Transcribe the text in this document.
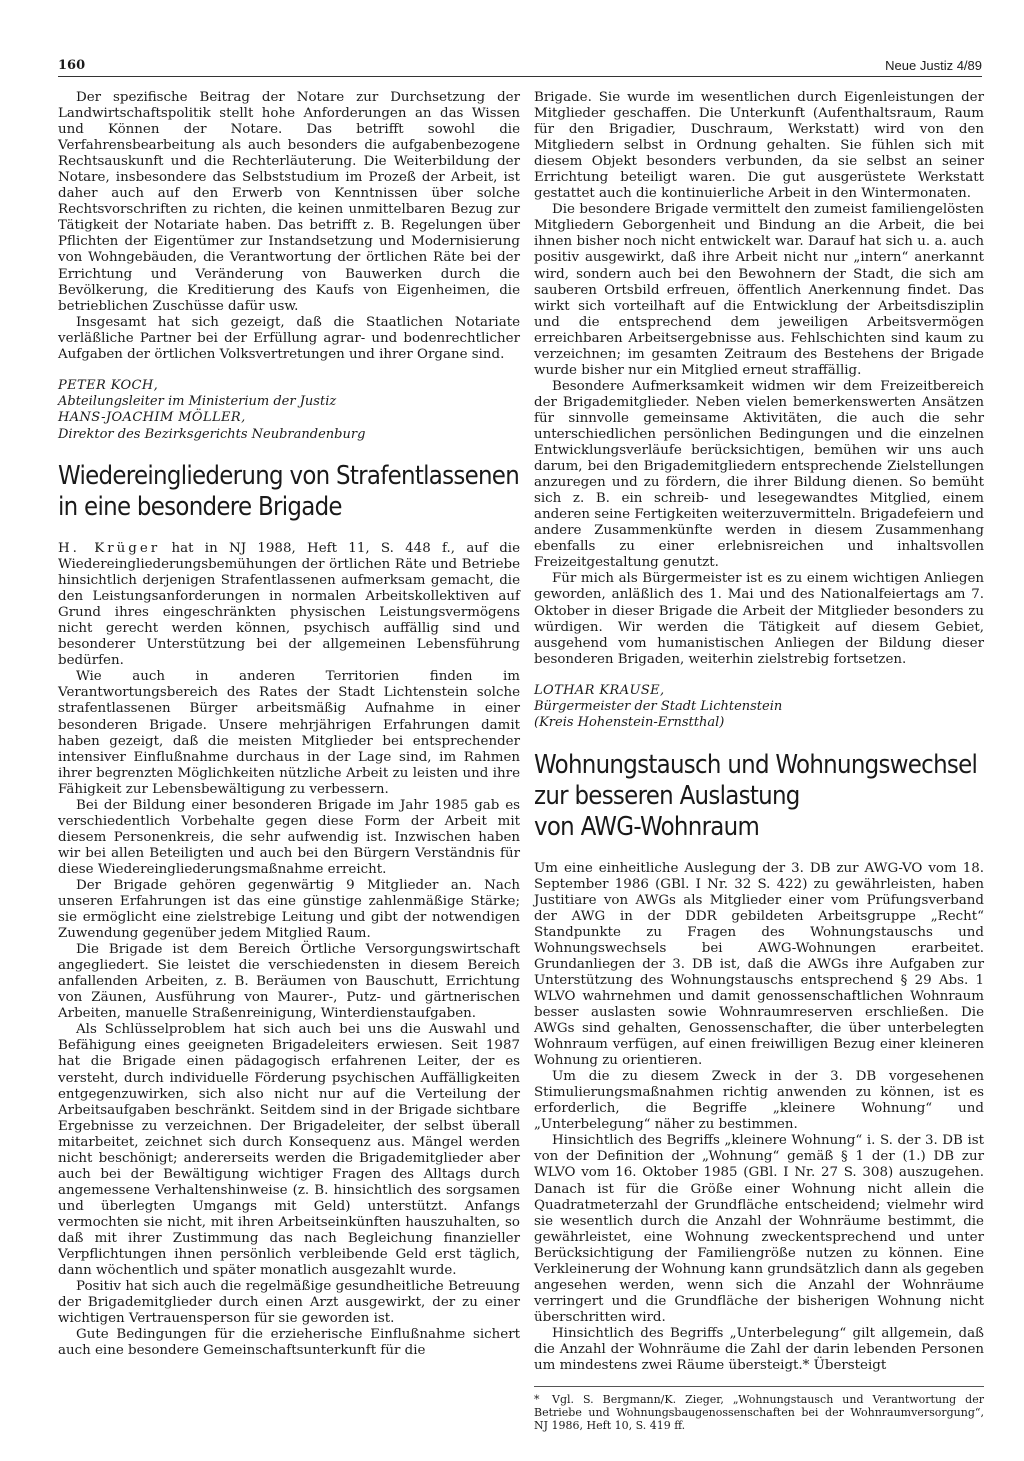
160	Neue Justiz 4/89

Der spezifische Beitrag der Notare zur Durchsetzung der Landwirtschaftspolitik stellt hohe Anforderungen an das Wissen und Können der Notare. Das betrifft sowohl die Verfahrensbearbeitung als auch besonders die aufgabenbezogene Rechtsauskunft und die Rechterläuterung. Die Weiterbildung der Notare, insbesondere das Selbststudium im Prozeß der Arbeit, ist daher auch auf den Erwerb von Kenntnissen über solche Rechtsvorschriften zu richten, die keinen unmittelbaren Bezug zur Tätigkeit der Notariate haben. Das betrifft z. B. Regelungen über Pflichten der Eigentümer zur Instandsetzung und Modernisierung von Wohngebäuden, die Verantwortung der örtlichen Räte bei der Errichtung und Veränderung von Bauwerken durch die Bevölkerung, die Kreditierung des Kaufs von Eigenheimen, die betrieblichen Zuschüsse dafür usw.

Insgesamt hat sich gezeigt, daß die Staatlichen Notariate verläßliche Partner bei der Erfüllung agrar- und bodenrechtlicher Aufgaben der örtlichen Volksvertretungen und ihrer Organe sind.

PETER KOCH,
Abteilungsleiter im Ministerium der Justiz
HANS-JOACHIM MÖLLER,
Direktor des Bezirksgerichts Neubrandenburg
Wiedereingliederung von Strafentlassenen
in eine besondere Brigade

H. Krüger hat in NJ 1988, Heft 11, S. 448 f., auf die Wiedereingliederungsbemühungen der örtlichen Räte und Betriebe hinsichtlich derjenigen Strafentlassenen aufmerksam gemacht, die den Leistungsanforderungen in normalen Arbeitskollektiven auf Grund ihres eingeschränkten physischen Leistungsvermögens nicht gerecht werden können, psychisch auffällig sind und besonderer Unterstützung bei der allgemeinen Lebensführung bedürfen.

Wie auch in anderen Territorien finden im Verantwortungsbereich des Rates der Stadt Lichtenstein solche strafentlassenen Bürger arbeitsmäßig Aufnahme in einer besonderen Brigade. Unsere mehrjährigen Erfahrungen damit haben gezeigt, daß die meisten Mitglieder bei entsprechender intensiver Einflußnahme durchaus in der Lage sind, im Rahmen ihrer begrenzten Möglichkeiten nützliche Arbeit zu leisten und ihre Fähigkeit zur Lebensbewältigung zu verbessern.

Bei der Bildung einer besonderen Brigade im Jahr 1985 gab es verschiedentlich Vorbehalte gegen diese Form der Arbeit mit diesem Personenkreis, die sehr aufwendig ist. Inzwischen haben wir bei allen Beteiligten und auch bei den Bürgern Verständnis für diese Wiedereingliederungsmaßnahme erreicht.

Der Brigade gehören gegenwärtig 9 Mitglieder an. Nach unseren Erfahrungen ist das eine günstige zahlenmäßige Stärke; sie ermöglicht eine zielstrebige Leitung und gibt der notwendigen Zuwendung gegenüber jedem Mitglied Raum.

Die Brigade ist dem Bereich Örtliche Versorgungswirtschaft angegliedert. Sie leistet die verschiedensten in diesem Bereich anfallenden Arbeiten, z. B. Beräumen von Bauschutt, Errichtung von Zäunen, Ausführung von Maurer-, Putz- und gärtnerischen Arbeiten, manuelle Straßenreinigung, Winterdienstaufgaben.

Als Schlüsselproblem hat sich auch bei uns die Auswahl und Befähigung eines geeigneten Brigadeleiters erwiesen. Seit 1987 hat die Brigade einen pädagogisch erfahrenen Leiter, der es versteht, durch individuelle Förderung psychischen Auffälligkeiten entgegenzuwirken, sich also nicht nur auf die Verteilung der Arbeitsaufgaben beschränkt. Seitdem sind in der Brigade sichtbare Ergebnisse zu verzeichnen. Der Brigadeleiter, der selbst überall mitarbeitet, zeichnet sich durch Konsequenz aus. Mängel werden nicht beschönigt; andererseits werden die Brigademitglieder aber auch bei der Bewältigung wichtiger Fragen des Alltags durch angemessene Verhaltenshinweise (z. B. hinsichtlich des sorgsamen und überlegten Umgangs mit Geld) unterstützt. Anfangs vermochten sie nicht, mit ihren Arbeitseinkünften hauszuhalten, so daß mit ihrer Zustimmung das nach Begleichung finanzieller Verpflichtungen ihnen persönlich verbleibende Geld erst täglich, dann wöchentlich und später monatlich ausgezahlt wurde.

Positiv hat sich auch die regelmäßige gesundheitliche Betreuung der Brigademitglieder durch einen Arzt ausgewirkt, der zu einer wichtigen Vertrauensperson für sie geworden ist.

Gute Bedingungen für die erzieherische Einflußnahme sichert auch eine besondere Gemeinschaftsunterkunft für die

Brigade. Sie wurde im wesentlichen durch Eigenleistungen der Mitglieder geschaffen. Die Unterkunft (Aufenthaltsraum, Raum für den Brigadier, Duschraum, Werkstatt) wird von den Mitgliedern selbst in Ordnung gehalten. Sie fühlen sich mit diesem Objekt besonders verbunden, da sie selbst an seiner Errichtung beteiligt waren. Die gut ausgerüstete Werkstatt gestattet auch die kontinuierliche Arbeit in den Wintermonaten.

Die besondere Brigade vermittelt den zumeist familiengelösten Mitgliedern Geborgenheit und Bindung an die Arbeit, die bei ihnen bisher noch nicht entwickelt war. Darauf hat sich u. a. auch positiv ausgewirkt, daß ihre Arbeit nicht nur „intern“ anerkannt wird, sondern auch bei den Bewohnern der Stadt, die sich am sauberen Ortsbild erfreuen, öffentlich Anerkennung findet. Das wirkt sich vorteilhaft auf die Entwicklung der Arbeitsdisziplin und die entsprechend dem jeweiligen Arbeitsvermögen erreichbaren Arbeitsergebnisse aus. Fehlschichten sind kaum zu verzeichnen; im gesamten Zeitraum des Bestehens der Brigade wurde bisher nur ein Mitglied erneut straffällig.

Besondere Aufmerksamkeit widmen wir dem Freizeitbereich der Brigademitglieder. Neben vielen bemerkenswerten Ansätzen für sinnvolle gemeinsame Aktivitäten, die auch die sehr unterschiedlichen persönlichen Bedingungen und die einzelnen Entwicklungsverläufe berücksichtigen, bemühen wir uns auch darum, bei den Brigademitgliedern entsprechende Zielstellungen anzuregen und zu fördern, die ihrer Bildung dienen. So bemüht sich z. B. ein schreib- und lesegewandtes Mitglied, einem anderen seine Fertigkeiten weiterzuvermitteln. Brigadefeiern und andere Zusammenkünfte werden in diesem Zusammenhang ebenfalls zu einer erlebnisreichen und inhaltsvollen Freizeitgestaltung genutzt.

Für mich als Bürgermeister ist es zu einem wichtigen Anliegen geworden, anläßlich des 1. Mai und des Nationalfeiertags am 7. Oktober in dieser Brigade die Arbeit der Mitglieder besonders zu würdigen. Wir werden die Tätigkeit auf diesem Gebiet, ausgehend vom humanistischen Anliegen der Bildung dieser besonderen Brigaden, weiterhin zielstrebig fortsetzen.

LOTHAR KRAUSE,
Bürgermeister der Stadt Lichtenstein
(Kreis Hohenstein-Ernstthal)
Wohnungstausch und Wohnungswechsel
zur besseren Auslastung
von AWG-Wohnraum

Um eine einheitliche Auslegung der 3. DB zur AWG-VO vom 18. September 1986 (GBl. I Nr. 32 S. 422) zu gewährleisten, haben Justitiare von AWGs als Mitglieder einer vom Prüfungsverband der AWG in der DDR gebildeten Arbeitsgruppe „Recht“ Standpunkte zu Fragen des Wohnungstauschs und Wohnungswechsels bei AWG-Wohnungen erarbeitet. Grundanliegen der 3. DB ist, daß die AWGs ihre Aufgaben zur Unterstützung des Wohnungstauschs entsprechend § 29 Abs. 1 WLVO wahrnehmen und damit genossenschaftlichen Wohnraum besser auslasten sowie Wohnraumreserven erschließen. Die AWGs sind gehalten, Genossenschafter, die über unterbelegten Wohnraum verfügen, auf einen freiwilligen Bezug einer kleineren Wohnung zu orientieren.

Um die zu diesem Zweck in der 3. DB vorgesehenen Stimulierungsmaßnahmen richtig anwenden zu können, ist es erforderlich, die Begriffe „kleinere Wohnung“ und „Unterbelegung“ näher zu bestimmen.

Hinsichtlich des Begriffs „kleinere Wohnung“ i. S. der 3. DB ist von der Definition der „Wohnung“ gemäß § 1 der (1.) DB zur WLVO vom 16. Oktober 1985 (GBl. I Nr. 27 S. 308) auszugehen. Danach ist für die Größe einer Wohnung nicht allein die Quadratmeterzahl der Grundfläche entscheidend; vielmehr wird sie wesentlich durch die Anzahl der Wohnräume bestimmt, die gewährleistet, eine Wohnung zweckentsprechend und unter Berücksichtigung der Familiengröße nutzen zu können. Eine Verkleinerung der Wohnung kann grundsätzlich dann als gegeben angesehen werden, wenn sich die Anzahl der Wohnräume verringert und die Grundfläche der bisherigen Wohnung nicht überschritten wird.

Hinsichtlich des Begriffs „Unterbelegung“ gilt allgemein, daß die Anzahl der Wohnräume die Zahl der darin lebenden Personen um mindestens zwei Räume übersteigt.* Übersteigt

*	Vgl. S. Bergmann/K. Zieger, „Wohnungstausch und Verantwortung der Betriebe und Wohnungsbaugenossenschaften bei der Wohnraumversorgung“, NJ 1986, Heft 10, S. 419 ff.
